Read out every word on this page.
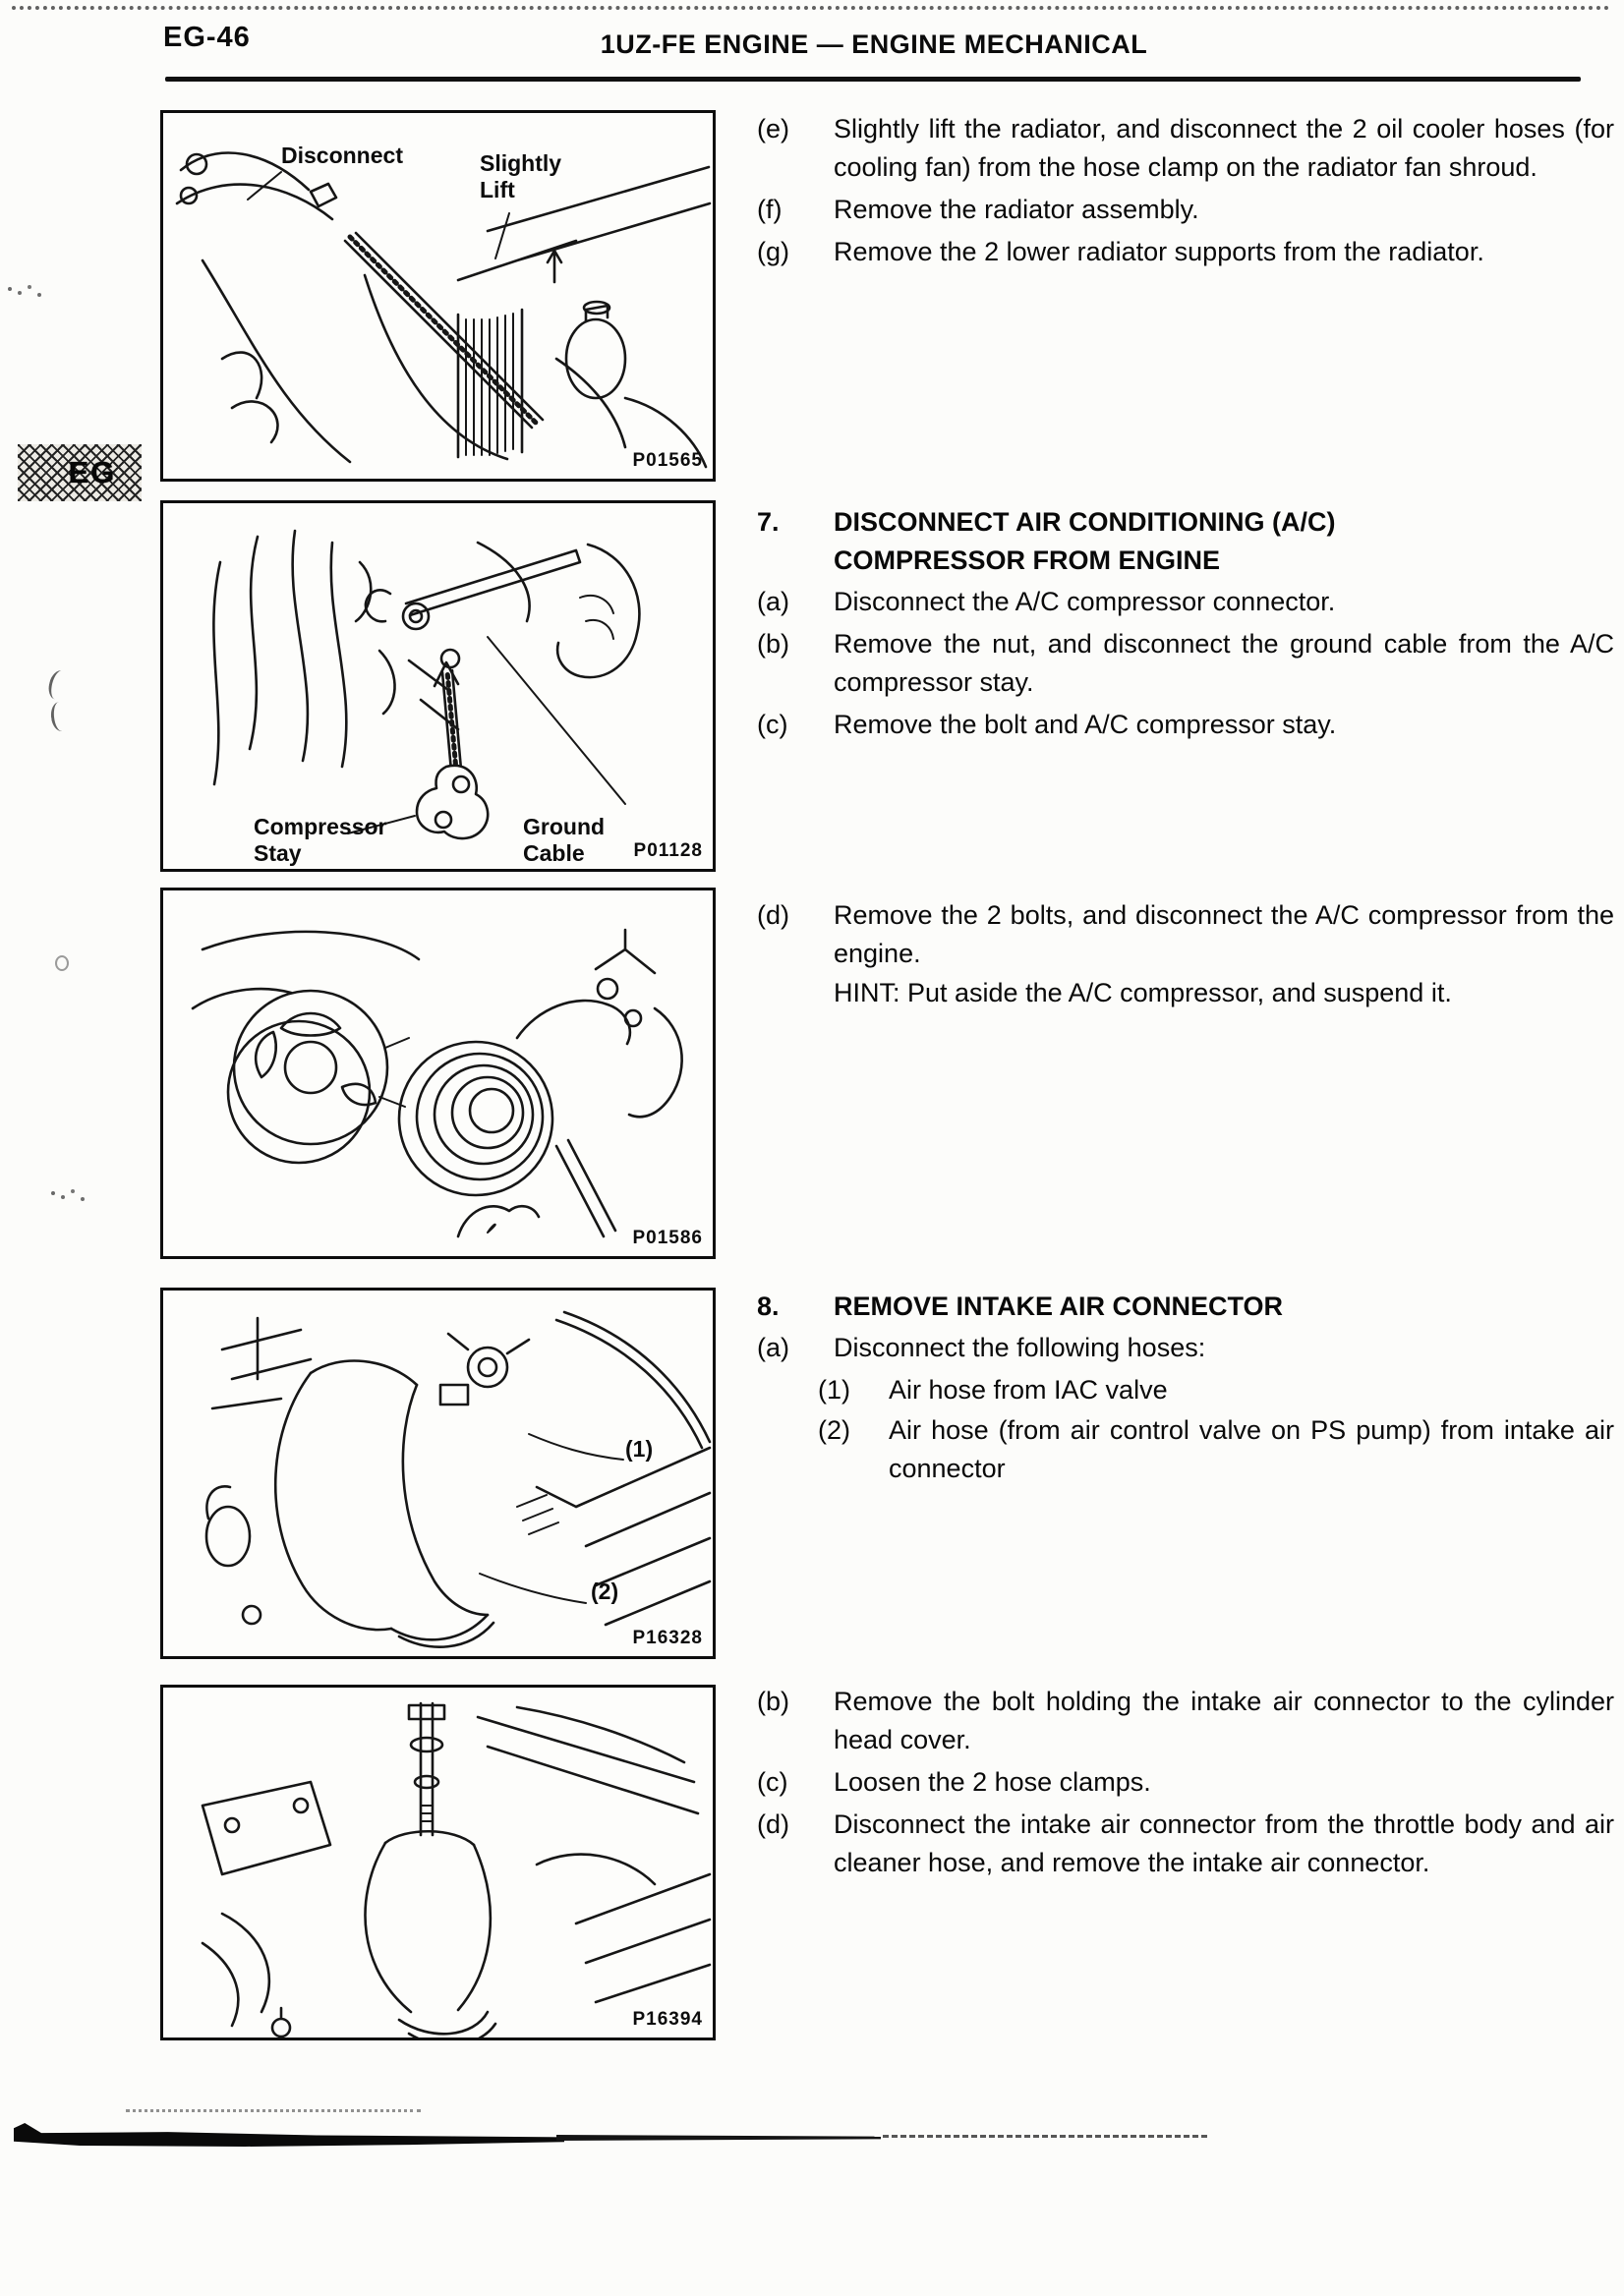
EG-46	1UZ-FE ENGINE — ENGINE MECHANICAL
EG
Disconnect	Slightly Lift
P01565
Compressor Stay
Ground Cable	P01128
P01586
(1)
(2)
P16328
P16394
(e)	Slightly lift the radiator, and disconnect the 2 oil cooler hoses (for cooling fan) from the hose clamp on the radiator fan shroud.
(f)	Remove the radiator assembly.
(g)	Remove the 2 lower radiator supports from the radiator.
7.	DISCONNECT AIR CONDITIONING (A/C) COMPRESSOR FROM ENGINE
(a)	Disconnect the A/C compressor connector.
(b)	Remove the nut, and disconnect the ground cable from the A/C compressor stay.
(c)	Remove the bolt and A/C compressor stay.
(d)	Remove the 2 bolts, and disconnect the A/C compressor from the engine.
HINT: Put aside the A/C compressor, and suspend it.
8.	REMOVE INTAKE AIR CONNECTOR
(a)	Disconnect the following hoses:
(1)	Air hose from IAC valve
(2)	Air hose (from air control valve on PS pump) from intake air connector
(b)	Remove the bolt holding the intake air connector to the cylinder head cover.
(c)	Loosen the 2 hose clamps.
(d)	Disconnect the intake air connector from the throttle body and air cleaner hose, and remove the intake air connector.
